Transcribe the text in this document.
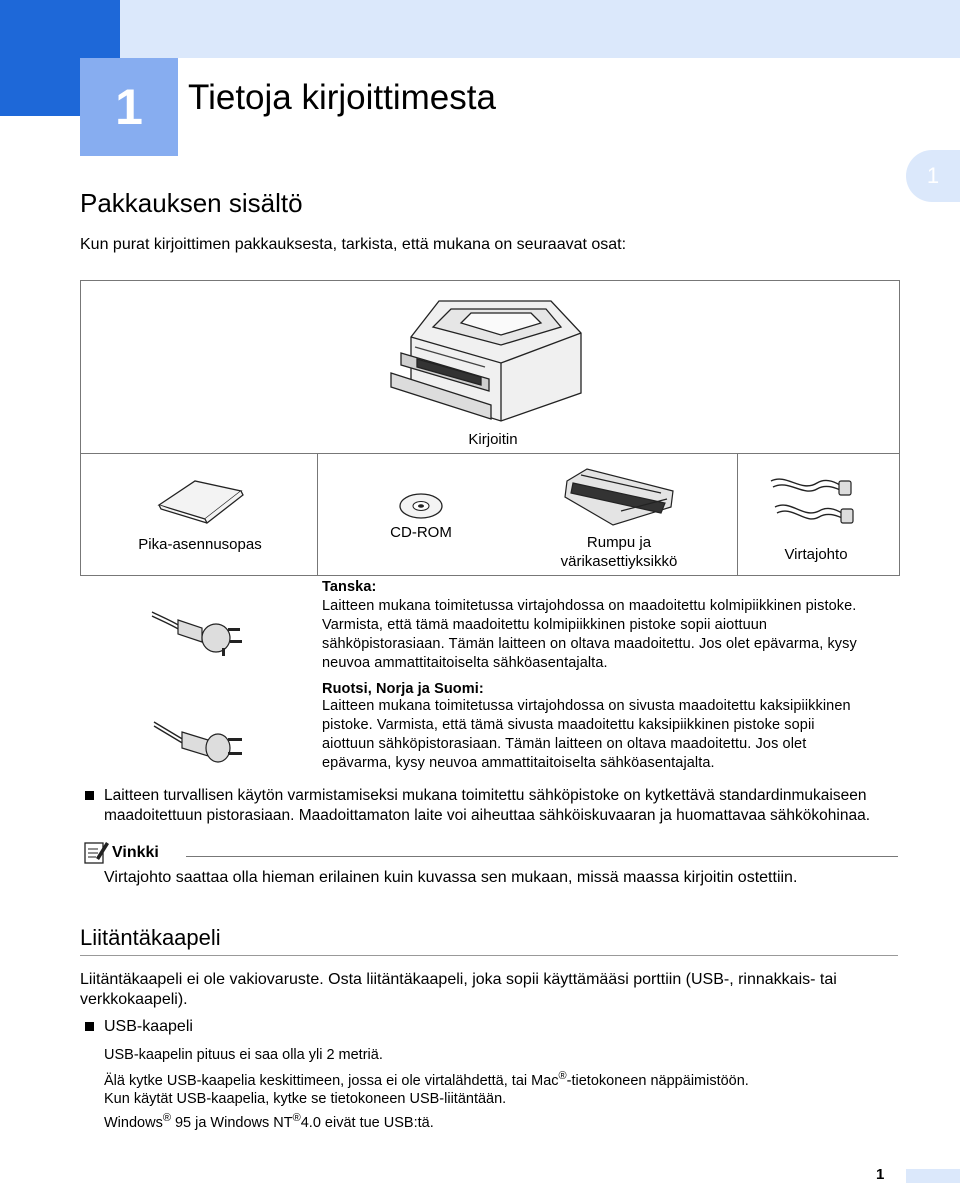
1	Tietoja kirjoittimesta
1
Pakkauksen sisältö
Kun purat kirjoittimen pakkauksesta, tarkista, että mukana on seuraavat osat:
Kirjoitin
Pika-asennusopas
CD-ROM
Rumpu ja
värikasettiyksikkö	Virtajohto
Tanska:
Laitteen mukana toimitetussa virtajohdossa on maadoitettu kolmipiikkinen pistoke.
Varmista, että tämä maadoitettu kolmipiikkinen pistoke sopii aiottuun
sähköpistorasiaan. Tämän laitteen on oltava maadoitettu. Jos olet epävarma, kysy
neuvoa ammattitaitoiselta sähköasentajalta.
Ruotsi, Norja ja Suomi:
Laitteen mukana toimitetussa virtajohdossa on sivusta maadoitettu kaksipiikkinen
pistoke. Varmista, että tämä sivusta maadoitettu kaksipiikkinen pistoke sopii
aiottuun sähköpistorasiaan. Tämän laitteen on oltava maadoitettu. Jos olet
epävarma, kysy neuvoa ammattitaitoiselta sähköasentajalta.
Laitteen turvallisen käytön varmistamiseksi mukana toimitettu sähköpistoke on kytkettävä standardinmukaiseen
maadoitettuun pistorasiaan. Maadoittamaton laite voi aiheuttaa sähköiskuvaaran ja huomattavaa sähkökohinaa.
Vinkki
Virtajohto saattaa olla hieman erilainen kuin kuvassa sen mukaan, missä maassa kirjoitin ostettiin.
Liitäntäkaapeli
Liitäntäkaapeli ei ole vakiovaruste. Osta liitäntäkaapeli, joka sopii käyttämääsi porttiin (USB-, rinnakkais- tai
verkkokaapeli).
USB-kaapeli
USB-kaapelin pituus ei saa olla yli 2 metriä.
Älä kytke USB-kaapelia keskittimeen, jossa ei ole virtalähdettä, tai Mac®-tietokoneen näppäimistöön.
Kun käytät USB-kaapelia, kytke se tietokoneen USB-liitäntään.
Windows® 95 ja Windows NT®4.0 eivät tue USB:tä.
1
